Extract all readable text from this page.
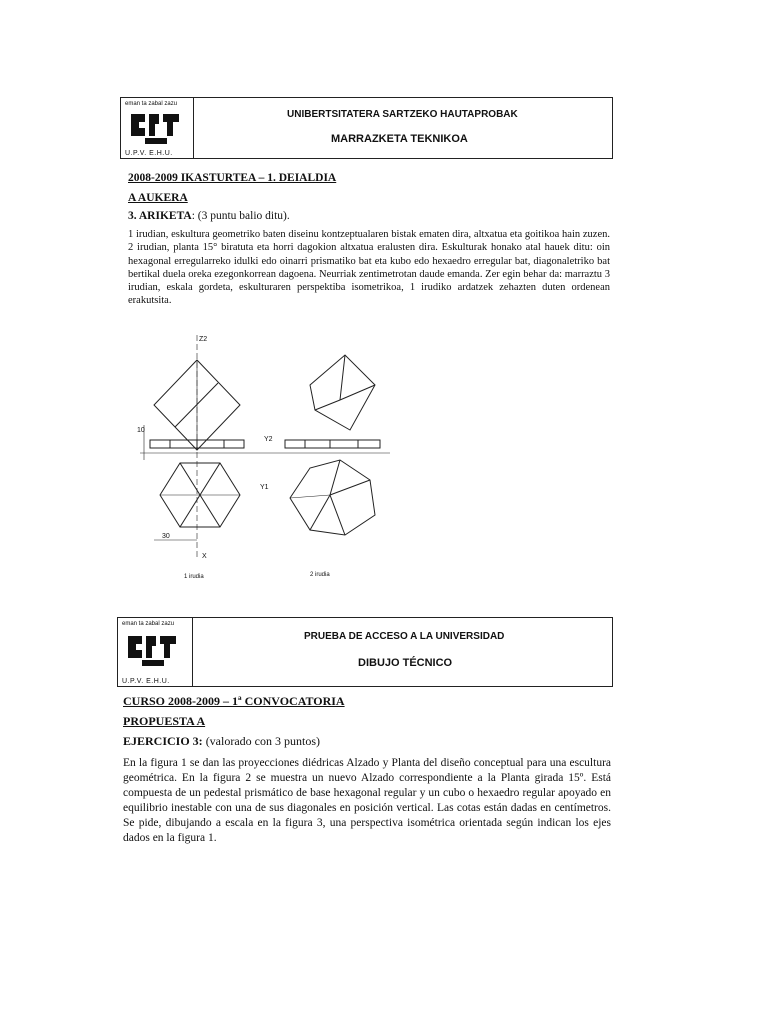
eman ta zabal zazu
U.P.V. E.H.U.
UNIBERTSITATERA SARTZEKO HAUTAPROBAK
MARRAZKETA TEKNIKOA
2008-2009 IKASTURTEA – 1. DEIALDIA
A AUKERA
3. ARIKETA: (3 puntu balio ditu).
1 irudian, eskultura geometriko baten diseinu kontzeptualaren bistak ematen dira, altxatua eta goitikoa hain zuzen. 2 irudian, planta 15° biratuta eta horri dagokion altxatua eralusten dira. Eskulturak honako atal hauek ditu: oin hexagonal erregularreko idulki edo oinarri prismatiko bat eta kubo edo hexaedro erregular bat, diagonaletriko bat bertikal duela oreka ezegonkorrean dagoena. Neurriak zentimetrotan daude emanda. Zer egin behar da: marraztu 3 irudian, eskala gordeta, eskulturaren perspektiba isometrikoa, 1 irudiko ardatzek zehazten duten ordenean erakutsita.
Z2
Y2
Y1
X
30
10
1 irudia	2 irudia
eman ta zabal zazu
U.P.V. E.H.U.
PRUEBA DE ACCESO A LA UNIVERSIDAD
DIBUJO TÉCNICO
CURSO 2008-2009 – 1ª CONVOCATORIA
PROPUESTA A
EJERCICIO 3: (valorado con 3 puntos)
En la figura 1 se dan las proyecciones diédricas Alzado y Planta del diseño conceptual para una escultura geométrica. En la figura 2 se muestra un nuevo Alzado correspondiente a la Planta girada 15º. Está compuesta de un pedestal prismático de base hexagonal regular y un cubo o hexaedro regular apoyado en equilibrio inestable con una de sus diagonales en posición vertical. Las cotas están dadas en centímetros. Se pide, dibujando a escala en la figura 3, una perspectiva isométrica orientada según indican los ejes dados en la figura 1.
